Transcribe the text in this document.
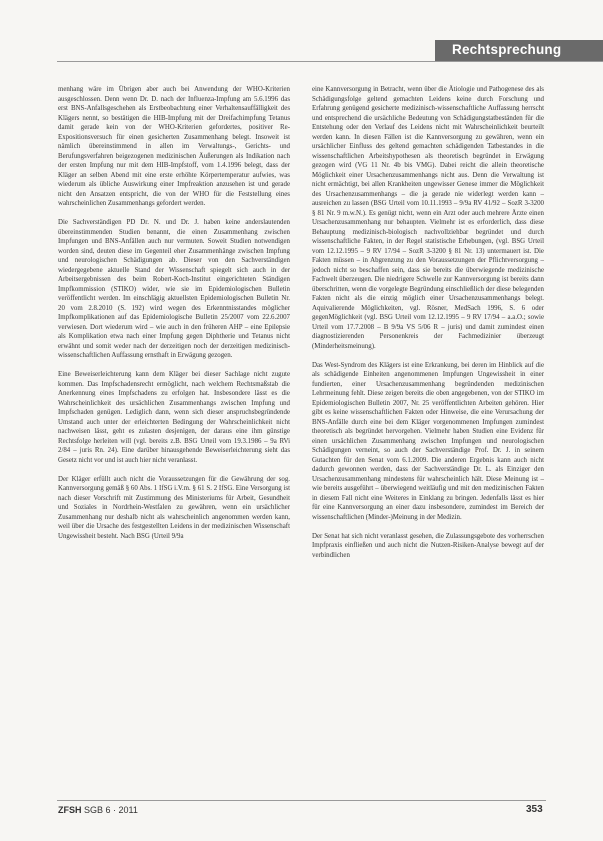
Rechtsprechung

menhang wäre im Übrigen aber auch bei Anwendung der WHO-Kriterien ausgeschlossen. Denn wenn Dr. D. nach der Influenza-Impfung am 5.6.1996 das erst BNS-Anfallsgeschehen als Erstbeobachtung einer Verhaltensauffälligkeit des Klägers nennt, so bestätigen die HIB-Impfung mit der Dreifachimpfung Tetanus damit gerade kein von der WHO-Kriterien gefordertes, positiver Re-Expositionsversuch für einen gesicherten Zusammenhang belegt. Insoweit ist nämlich übereinstimmend in allen im Verwaltungs-, Gerichts- und Berufungsverfahren beigezogenen medizinischen Äußerungen als Indikation nach der ersten Impfung nur mit dem HIB-Impfstoff, vom 1.4.1996 belegt, dass der Kläger an selben Abend mit eine erste erhöhte Körpertemperatur aufwies, was wiederum als übliche Auswirkung einer Impfreaktion anzusehen ist und gerade nicht den Ansatzen entspricht, die von der WHO für die Feststellung eines wahrscheinlichen Zusammenhangs gefordert werden.

Die Sachverständigen PD Dr. N. und Dr. J. haben keine anderslautenden übereinstimmenden Studien benannt, die einen Zusammenhang zwischen Impfungen und BNS-Anfällen auch nur vermuten. Soweit Studien notwendigen worden sind, deuten diese im Gegenteil eher Zusammenhänge zwischen Impfung und neurologischen Schädigungen ab. Dieser von den Sachverständigen wiedergegebene aktuelle Stand der Wissenschaft spiegelt sich auch in der Arbeitsergebnissen des beim Robert-Koch-Institut eingerichteten Ständigen Impfkommission (STIKO) wider, wie sie im Epidemiologischen Bulletin veröffentlicht werden. Im einschlägig aktuellsten Epidemiologischen Bulletin Nr. 20 vom 2.8.2010 (S. 192) wird wegen des Erkenntnisstandes möglicher Impfkomplikationen auf das Epidemiologische Bulletin 25/2007 vom 22.6.2007 verwiesen. Dort wiederum wird – wie auch in den früheren AHP – eine Epilepsie als Komplikation etwa nach einer Impfung gegen Diphtherie und Tetanus nicht erwähnt und somit weder nach der derzeitigen noch der derzeitigen medizinisch-wissenschaftlichen Auffassung ernsthaft in Erwägung gezogen.

Eine Beweiserleichterung kann dem Kläger bei dieser Sachlage nicht zugute kommen. Das Impfschadensrecht ermöglicht, nach welchem Rechtsmaßstab die Anerkennung eines Impfschadens zu erfolgen hat. Insbesondere lässt es die Wahrscheinlichkeit des ursächlichen Zusammenhangs zwischen Impfung und Impfschaden genügen. Lediglich dann, wenn sich dieser anspruchsbegründende Umstand auch unter der erleichterten Bedingung der Wahrscheinlichkeit nicht nachweisen lässt, geht es zulasten desjenigen, der daraus eine ihm günstige Rechtsfolge herleiten will (vgl. bereits z.B. BSG Urteil vom 19.3.1986 – 9a RVi 2/84 – juris Rn. 24). Eine darüber hinausgehende Beweiserleichterung sieht das Gesetz nicht vor und ist auch hier nicht veranlasst.

Der Kläger erfüllt auch nicht die Voraussetzungen für die Gewährung der sog. Kannversorgung gemäß § 60 Abs. 1 IfSG i.V.m. § 61 S. 2 IfSG. Eine Versorgung ist nach dieser Vorschrift mit Zustimmung des Ministeriums für Arbeit, Gesundheit und Soziales in Nordrhein-Westfalen zu gewähren, wenn ein ursächlicher Zusammenhang nur deshalb nicht als wahrscheinlich angenommen werden kann, weil über die Ursache des festgestellten Leidens in der medizinischen Wissenschaft Ungewissheit besteht. Nach BSG (Urteil 9/9a

eine Kannversorgung in Betracht, wenn über die Ätiologie und Pathogenese des als Schädigungsfolge geltend gemachten Leidens keine durch Forschung und Erfahrung genügend gesicherte medizinisch-wissenschaftliche Auffassung herrscht und entsprechend die ursächliche Bedeutung von Schädigungstatbeständen für die Entstehung oder den Verlauf des Leidens nicht mit Wahrscheinlichkeit beurteilt werden kann. In diesen Fällen ist die Kannversorgung zu gewähren, wenn ein ursächlicher Einfluss des geltend gemachten schädigenden Tatbestandes in die wissenschaftlichen Arbeitshypothesen als theoretisch begründet in Erwägung gezogen wird (VG 11 Nr. 4b bis VMG). Dabei reicht die allein theoretische Möglichkeit einer Ursachenzusammenhangs nicht aus. Denn die Verwaltung ist nicht ermächtigt, bei allen Krankheiten ungewisser Genese immer die Möglichkeit des Ursachenzusammenhangs – die ja gerade nie widerlegt werden kann – ausreichen zu lassen (BSG Urteil vom 10.11.1993 – 9/9a RV 41/92 – SozR 3-3200 § 81 Nr. 9 m.w.N.). Es genügt nicht, wenn ein Arzt oder auch mehrere Ärzte einen Ursachenzusammenhang nur behaupten. Vielmehr ist es erforderlich, dass diese Behauptung medizinisch-biologisch nachvollziehbar begründet und durch wissenschaftliche Fakten, in der Regel statistische Erhebungen, (vgl. BSG Urteil vom 12.12.1995 – 9 RV 17/94 – SozR 3-3200 § 81 Nr. 13) untermauert ist. Die Fakten müssen – in Abgrenzung zu den Voraussetzungen der Pflichtversorgung – jedoch nicht so beschaffen sein, dass sie bereits die überwiegende medizinische Fachwelt überzeugen. Die niedrigere Schwelle zur Kannversorgung ist bereits dann überschritten, wenn die vorgelegte Begründung einschließlich der diese belegenden Fakten nicht als die einzig möglich einer Ursachenzusammenhangs belegt. Aquivalierende Möglichkeiten, vgl. Rösner, MedSach 1996, S. 6 oder gegenMöglichkeit (vgl. BSG Urteil vom 12.12.1995 – 9 RV 17/94 – a.a.O.; sowie Urteil vom 17.7.2008 – B 9/9a VS 5/06 R – juris) und damit zumindest einen diagnostizierenden Personenkreis der Fachmedizinier überzeugt (Minderheitsmeinung).

Das West-Syndrom des Klägers ist eine Erkrankung, bei deren im Hinblick auf die als schädigende Einheiten angenommenen Impfungen Ungewissheit in einer fundierten, einer Ursachenzusammenhang begründenden medizinischen Lehrmeinung fehlt. Diese zeigen bereits die oben angegebenen, von der STIKO im Epidemiologischen Bulletin 2007, Nr. 25 veröffentlichten Arbeiten gehören. Hier gibt es keine wissenschaftlichen Fakten oder Hinweise, die eine Verursachung der BNS-Anfälle durch eine bei dem Kläger vorgenommenen Impfungen zumindest theoretisch als begründet hervorgehen. Vielmehr haben Studien eine Evidenz für einen ursächlichen Zusammenhang zwischen Impfungen und neurologischen Schädigungen verneint, so auch der Sachverständige Prof. Dr. J. in seinem Gutachten für den Senat vom 6.1.2009. Die anderen Ergebnis kann auch nicht dadurch gewonnen werden, dass der Sachverständige Dr. L. als Einziger den Ursachenzusammenhang mindestens für wahrscheinlich hält. Diese Meinung ist – wie bereits ausgeführt – überwiegend weitläufig und mit den medizinischen Fakten in diesem Fall nicht eine Weiteres in Einklang zu bringen. Jedenfalls lässt es hier für eine Kannversorgung an einer dazu insbesondere, zumindest im Bereich der wissenschaftlichen (Minder-)Meinung in der Medizin.

Der Senat hat sich nicht veranlasst gesehen, die Zulassungsgebote des vorherrschen Impfpraxis einfließen und auch nicht die Nutzen-Risiken-Analyse bewegt auf der verbindlichen

ZFSH SGB 6 · 2011	353
